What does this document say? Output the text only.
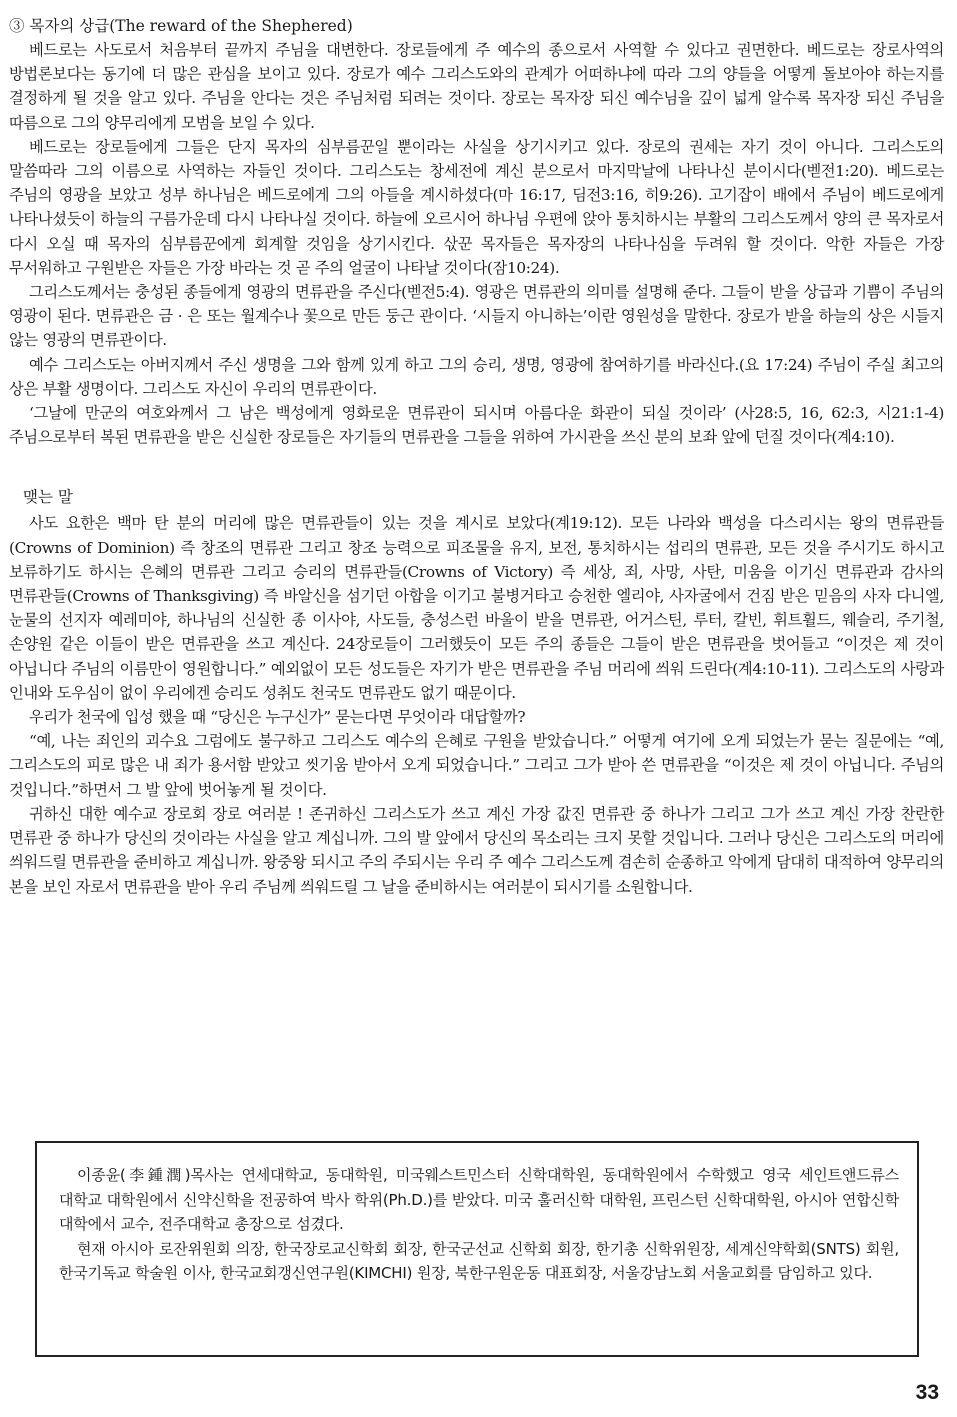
③ 목자의 상급(The reward of the Shephered)

베드로는 사도로서 처음부터 끝까지 주님을 대변한다. 장로들에게 주 예수의 종으로서 사역할 수 있다고 권면한다. 베드로는 장로사역의 방법론보다는 동기에 더 많은 관심을 보이고 있다. 장로가 예수 그리스도와의 관계가 어떠하냐에 따라 그의 양들을 어떻게 돌보아야 하는지를 결정하게 될 것을 알고 있다. 주님을 안다는 것은 주님처럼 되려는 것이다. 장로는 목자장 되신 예수님을 깊이 넓게 알수록 목자장 되신 주님을 따름으로 그의 양무리에게 모범을 보일 수 있다.

베드로는 장로들에게 그들은 단지 목자의 심부름꾼일 뿐이라는 사실을 상기시키고 있다. 장로의 권세는 자기 것이 아니다. 그리스도의 말씀따라 그의 이름으로 사역하는 자들인 것이다. 그리스도는 창세전에 계신 분으로서 마지막날에 나타나신 분이시다(벧전1:20). 베드로는 주님의 영광을 보았고 성부 하나님은 베드로에게 그의 아들을 계시하셨다(마 16:17, 딤전3:16, 히9:26). 고기잡이 배에서 주님이 베드로에게 나타나셨듯이 하늘의 구름가운데 다시 나타나실 것이다. 하늘에 오르시어 하나님 우편에 앉아 통치하시는 부활의 그리스도께서 양의 큰 목자로서 다시 오실 때 목자의 심부름꾼에게 회계할 것임을 상기시킨다. 삯꾼 목자들은 목자장의 나타나심을 두려워 할 것이다. 악한 자들은 가장 무서워하고 구원받은 자들은 가장 바라는 것 곧 주의 얼굴이 나타날 것이다(잠10:24).

그리스도께서는 충성된 종들에게 영광의 면류관을 주신다(벧전5:4). 영광은 면류관의 의미를 설명해 준다. 그들이 받을 상급과 기쁨이 주님의 영광이 된다. 면류관은 금 · 은 또는 월계수나 꽃으로 만든 둥근 관이다. ‘시들지 아니하는’이란 영원성을 말한다. 장로가 받을 하늘의 상은 시들지 않는 영광의 면류관이다.

예수 그리스도는 아버지께서 주신 생명을 그와 함께 있게 하고 그의 승리, 생명, 영광에 참여하기를 바라신다.(요 17:24) 주님이 주실 최고의 상은 부활 생명이다. 그리스도 자신이 우리의 면류관이다.

‘그날에 만군의 여호와께서 그 남은 백성에게 영화로운 면류관이 되시며 아름다운 화관이 되실 것이라’ (사28:5, 16, 62:3, 시21:1-4) 주님으로부터 복된 면류관을 받은 신실한 장로들은 자기들의 면류관을 그들을 위하여 가시관을 쓰신 분의 보좌 앞에 던질 것이다(계4:10).

맺는 말

사도 요한은 백마 탄 분의 머리에 많은 면류관들이 있는 것을 계시로 보았다(계19:12). 모든 나라와 백성을 다스리시는 왕의 면류관들(Crowns of Dominion) 즉 창조의 면류관 그리고 창조 능력으로 피조물을 유지, 보전, 통치하시는 섭리의 면류관, 모든 것을 주시기도 하시고 보류하기도 하시는 은혜의 면류관 그리고 승리의 면류관들(Crowns of Victory) 즉 세상, 죄, 사망, 사탄, 미움을 이기신 면류관과 감사의 면류관들(Crowns of Thanksgiving) 즉 바알신을 섬기던 아합을 이기고 불병거타고 승천한 엘리야, 사자굴에서 건짐 받은 믿음의 사자 다니엘, 눈물의 선지자 예레미야, 하나님의 신실한 종 이사야, 사도들, 충성스런 바울이 받을 면류관, 어거스틴, 루터, 칼빈, 휘트휠드, 웨슬리, 주기철, 손양원 같은 이들이 받은 면류관을 쓰고 계신다. 24장로들이 그러했듯이 모든 주의 종들은 그들이 받은 면류관을 벗어들고 “이것은 제 것이 아닙니다 주님의 이름만이 영원합니다.” 예외없이 모든 성도들은 자기가 받은 면류관을 주님 머리에 씌워 드린다(계4:10-11). 그리스도의 사랑과 인내와 도우심이 없이 우리에겐 승리도 성취도 천국도 면류관도 없기 때문이다.

우리가 천국에 입성 했을 때 “당신은 누구신가” 묻는다면 무엇이라 대답할까?

“예, 나는 죄인의 괴수요 그럼에도 불구하고 그리스도 예수의 은혜로 구원을 받았습니다.” 어떻게 여기에 오게 되었는가 묻는 질문에는 “예, 그리스도의 피로 많은 내 죄가 용서함 받았고 씻기움 받아서 오게 되었습니다.” 그리고 그가 받아 쓴 면류관을 “이것은 제 것이 아닙니다. 주님의 것입니다.”하면서 그 발 앞에 벗어놓게 될 것이다.

귀하신 대한 예수교 장로회 장로 여러분 ! 존귀하신 그리스도가 쓰고 계신 가장 값진 면류관 중 하나가 그리고 그가 쓰고 계신 가장 찬란한 면류관 중 하나가 당신의 것이라는 사실을 알고 계십니까. 그의 발 앞에서 당신의 목소리는 크지 못할 것입니다. 그러나 당신은 그리스도의 머리에 씌워드릴 면류관을 준비하고 계십니까. 왕중왕 되시고 주의 주되시는 우리 주 예수 그리스도께 겸손히 순종하고 악에게 담대히 대적하여 양무리의 본을 보인 자로서 면류관을 받아 우리 주님께 씌워드릴 그 날을 준비하시는 여러분이 되시기를 소원합니다.

이종윤(李鍾潤)목사는 연세대학교, 동대학원, 미국웨스트민스터 신학대학원, 동대학원에서 수학했고 영국 세인트앤드류스 대학교 대학원에서 신약신학을 전공하여 박사 학위(Ph.D.)를 받았다. 미국 훌러신학 대학원, 프린스턴 신학대학원, 아시아 연합신학 대학에서 교수, 전주대학교 총장으로 섬겼다.

현재 아시아 로잔위원회 의장, 한국장로교신학회 회장, 한국군선교 신학회 회장, 한기총 신학위원장, 세계신약학회(SNTS) 회원, 한국기독교 학술원 이사, 한국교회갱신연구원(KIMCHI) 원장, 북한구원운동 대표회장, 서울강남노회 서울교회를 담임하고 있다.

33
